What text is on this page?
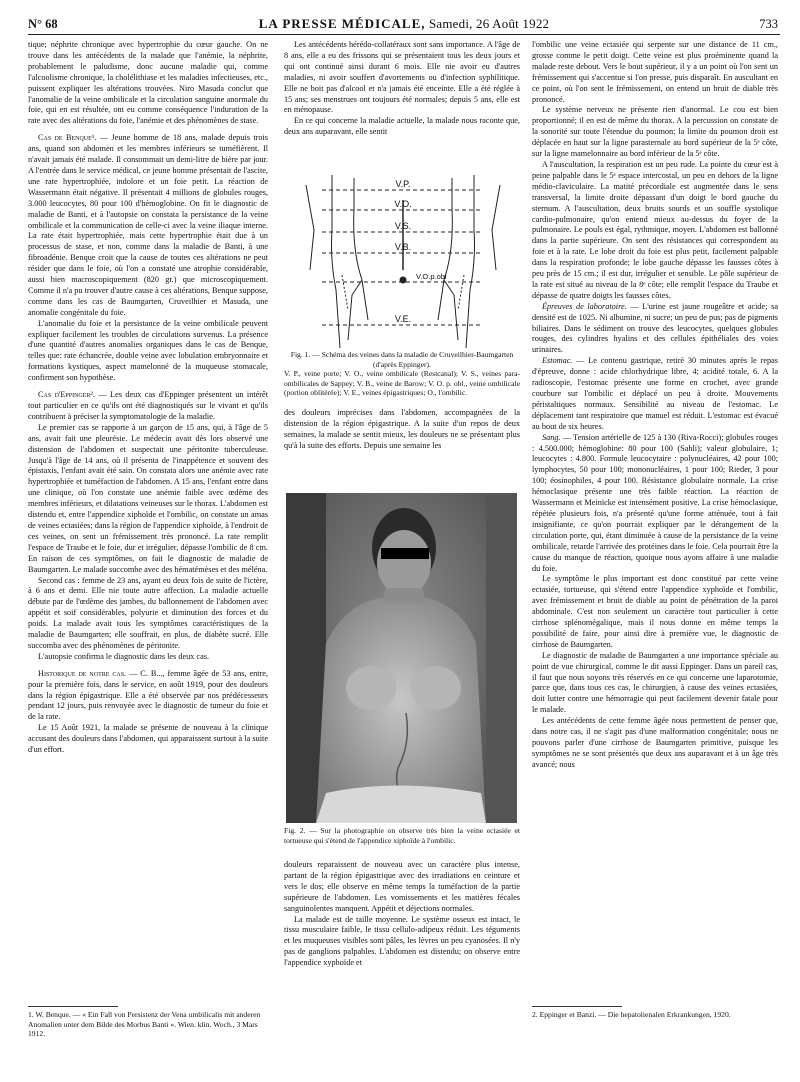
N° 68	LA PRESSE MÉDICALE, Samedi, 26 Août 1922	733

tique; néphrite chronique avec hypertrophie du cœur gauche. On ne trouve dans les antécédents de la malade que l'anémie, la néphrite, probablement le paludisme, donc aucune maladie qui, comme l'alcoolisme chronique, la cholélithiase et les maladies infectieuses, etc., puissent expliquer les altérations trouvées. Niro Masuda conclut que l'anomalie de la veine ombilicale et la circulation sanguine anormale du foie, qui en est résultée, ont eu comme conséquence l'induration de la rate avec des altérations du foie, l'anémie et des phénomènes de stase.

Cas de Benque¹. — Jeune homme de 18 ans, malade depuis trois ans, quand son abdomen et les membres inférieurs se tuméfièrent. Il n'avait jamais été malade. Il consommait un demi-litre de bière par jour. A l'entrée dans le service médical, ce jeune homme présentait de l'ascite, une rate hypertrophiée, indolore et un foie petit. La réaction de Wassermann était négative. Il présentait 4 millions de globules rouges, 3.000 leucocytes, 80 pour 100 d'hémoglobine. On fit le diagnostic de maladie de Banti, et à l'autopsie on constata la persistance de la veine ombilicale et la communication de celle-ci avec la veine iliaque interne. La rate était hypertrophiée, mais cette hypertrophie était due à un processus de stase, et non, comme dans la maladie de Banti, à une fibroadénie. Benque croit que la cause de toutes ces altérations ne peut résider que dans le foie, où l'on a constaté une atrophie considérable, aussi bien macroscopiquement (820 gr.) que microscopiquement. Comme il n'a pu trouver d'autre cause à ces altérations, Benque suppose, comme dans les cas de Baumgarten, Cruveilhier et Masuda, une anomalie congénitale du foie.

L'anomalie du foie et la persistance de la veine ombilicale peuvent expliquer facilement les troubles de circulations survenus. La présence d'une quantité d'autres anomalies organiques dans le cas de Benque, telles que: rate échancrée, double veine avec lobulation embryonnaire et formations kystiques, aspect mamelonné de la muqueuse stomacale, confirment son hypothèse.

Cas d'Eppinger². — Les deux cas d'Eppinger présentent un intérêt tout particulier en ce qu'ils ont été diagnostiqués sur le vivant et qu'ils contribuent à préciser la symptomatologie de la maladie.

Le premier cas se rapporte à un garçon de 15 ans, qui, à l'âge de 5 ans, avait fait une pleurésie. Le médecin avait dès lors observé une distension de l'abdomen et suspectait une péritonite tuberculeuse. Jusqu'à l'âge de 14 ans, où il présenta de l'inappétence et souvent des épistaxis, l'enfant avait été sain. On constata alors une anémie avec rate hypertrophiée et tuméfaction de l'abdomen. A 15 ans, l'enfant entre dans une clinique, où l'on constate une anémie faible avec œdème des membres inférieurs, et dilatations veineuses sur le thorax. L'abdomen est distendu et, entre l'appendice xiphoïde et l'ombilic, on constate un amas de veines ectasiées; dans la région de l'appendice xiphoïde, à l'endroit de ces veines, on sent un frémissement très prononcé. La rate remplit l'espace de Traube et le foie, dur et irrégulier, dépasse l'ombilic de 8 cm. En raison de ces symptômes, on fait le diagnostic de maladie de Baumgarten. Le malade succombe avec des hématémèses et des méléna.

Second cas : femme de 23 ans, ayant eu deux fois de suite de l'ictère, à 6 ans et demi. Elle nie toute autre affection. La maladie actuelle débute par de l'œdème des jambes, du ballonnement de l'abdomen avec appétit et soif considérables, polyurie et diminution des forces et du poids. La malade avait tous les symptômes caractéristiques de la maladie de Baumgarten; elle souffrait, en plus, de diabète sucré. Elle succomba avec des phénomènes de péritonite.

L'autopsie confirma le diagnostic dans les deux cas.

Historique de notre cas. — C. B..., femme âgée de 53 ans, entre, pour la première fois, dans le service, en août 1919, pour des douleurs dans la région épigastrique. Elle a été observée par nos prédécesseurs pendant 12 jours, puis renvoyée avec le diagnostic de tumeur du foie et de la rate.

Le 15 Août 1921, la malade se présente de nouveau à la clinique accusant des douleurs dans l'abdomen, qui apparaissent surtout à la suite d'un effort.

Les antécédents hérédo-collatéraux sont sans importance. A l'âge de 8 ans, elle a eu des frissons qui se présentaient tous les deux jours et qui ont continué ainsi durant 6 mois. Elle nie avoir eu d'autres maladies, ni avoir souffert d'avortements ou d'infection syphilitique. Elle ne boit pas d'alcool et n'a jamais été enceinte. Elle a été réglée à 15 ans; ses menstrues ont toujours été normales; depuis 5 ans, elle est en ménopause.

En ce qui concerne la maladie actuelle, la malade nous raconte que, deux ans auparavant, elle sentit

V.P.
V.O.
V.S.
V.B.
V.O.p.obl
V.E.
Fig. 1. — Schéma des veines dans la maladie de Cruveilhier-Baumgarten (d'après Eppinger).
V. P., veine porte; V. O., veine ombilicale (Restcanal); V. S., veines para-ombilicales de Sappey; V. B., veine de Barow; V. O. p. obl., veine ombilicale (portion oblitérée); V. E., veines épigastriques; O., l'ombilic.

des douleurs imprécises dans l'abdomen, accompagnées de la distension de la région épigastrique. A la suite d'un repos de deux semaines, la malade se sentit mieux, les douleurs ne se présentant plus qu'à la suite des efforts. Depuis une semaine les

Fig. 2. — Sur la photographie on observe très bien la veine ectasiée et tortueuse qui s'étend de l'appendice xiphoïde à l'ombilic.

douleurs reparaissent de nouveau avec un caractère plus intense, partant de la région épigastrique avec des irradiations en ceinture et vers le dos; elle observe en même temps la tuméfaction de la partie supérieure de l'abdomen. Les vomissements et les matières fécales sanguinolentes manquent. Appétit et déjections normales.

La malade est de taille moyenne. Le système osseux est intact, le tissu musculaire faible, le tissu cellulo-adipeux réduit. Les téguments et les muqueuses visibles sont pâles, les lèvres un peu cyanosées. Il n'y pas de ganglions palpables. L'abdomen est distendu; on observe entre l'appendice xyphoïde et

l'ombilic une veine ectasiée qui serpente sur une distance de 11 cm., grosse comme le petit doigt. Cette veine est plus proéminente quand la malade reste debout. Vers le bout supérieur, il y a un point où l'on sent un frémissement qui s'accentue si l'on presse, puis disparaît. En auscultant en ce point, où l'on sent le frémissement, on entend un bruit de diable très prononcé.

Le système nerveux ne présente rien d'anormal. Le cou est bien proportionné; il en est de même du thorax. A la percussion on constate de la sonorité sur toute l'étendue du poumon; la limite du poumon droit est déplacée en haut sur la ligne parasternale au bord supérieur de la 5ᵉ côte, sur la ligne mamelonnaire au bord inférieur de la 5ᵉ côte.

A l'auscultation, la respiration est un peu rude. La pointe du cœur est à peine palpable dans le 5ᵉ espace intercostal, un peu en dehors de la ligne médio-claviculaire. La matité précordiale est augmentée dans le sens transversal, la limite droite dépassant d'un doigt le bord gauche du sternum. A l'auscultation, deux bruits sourds et un souffle systolique cardio-pulmonaire, qu'on entend mieux au-dessus du foyer de la pulmonaire. Le pouls est égal, rythmique, moyen. L'abdomen est ballonné dans la partie supérieure. On sent des résistances qui correspondent au foie et à la rate. Le lobe droit du foie est plus petit, facilement palpable dans la respiration profonde; le lobe gauche dépasse les fausses côtes à peu près de 15 cm.; il est dur, irrégulier et sensible. Le pôle supérieur de la rate est situé au niveau de la 8ᵉ côte; elle remplit l'espace du Traube et dépasse de quatre doigts les fausses côtes.

Épreuves de laboratoire. — L'urine est jaune rougeâtre et acide; sa densité est de 1025. Ni albumine, ni sucre; un peu de pus; pas de pigments biliaires. Dans le sédiment on trouve des leucocytes, quelques globules rouges, des cylindres hyalins et des cellules épithéliales des voies urinaires.

Estomac. — Le contenu gastrique, retiré 30 minutes après le repas d'épreuve, donne : acide chlorhydrique libre, 4; acidité totale, 6. A la radioscopie, l'estomac présente une forme en crochet, avec grande courbure sur l'ombilic et déplacé un peu à droite. Mouvements péristaltiques normaux. Sensibilité au niveau de l'estomac. Le déplacement tant respiratoire que manuel est réduit. L'estomac est évacué au bout de six heures.

Sang. — Tension artérielle de 125 à 130 (Riva-Rocci); globules rouges : 4.500.000; hémoglobine: 80 pour 100 (Sahli); valeur globulaire, 1; leucocytes : 4.800. Formule leucocytaire : polynucléaires, 42 pour 100; lymphocytes, 50 pour 100; mononucléaires, 1 pour 100; Rieder, 3 pour 100; éosinophiles, 4 pour 100. Résistance globulaire normale. La crise hémoclasique présente une très faible réaction. La réaction de Wassermann et Meinicke est intensément positive. La crise hémoclasique, répétée plusieurs fois, n'a présenté qu'une forme atténuée, tout à fait insignifiante, ce qu'on pourrait expliquer par le dérangement de la circulation porte, qui, étant diminuée à cause de la persistance de la veine ombilicale, retarde l'arrivée des protéines dans le foie. Cela pourrait être la cause du manque de réaction, quoique nous ayons affaire à une maladie du foie.

Le symptôme le plus important est donc constitué par cette veine ectasiée, tortueuse, qui s'étend entre l'appendice xyphoïde et l'ombilic, avec frémissement et bruit de diable au point de pénétration de la paroi abdominale. C'est non seulement un caractère tout particulier à cette cirrhose splénomégalique, mais il nous donne en même temps la possibilité de faire, pour ainsi dire à première vue, le diagnostic de cirrhose de Baumgarten.

Le diagnostic de maladie de Baumgarten a une importance spéciale au point de vue chirurgical, comme le dit aussi Eppinger. Dans un pareil cas, il faut que nous soyons très réservés en ce qui concerne une laparotomie, parce que, dans tous ces cas, le chirurgien, à cause des veines ectasiées, doit lutter contre une hémorragie qui peut facilement devenir fatale pour le malade.

Les antécédents de cette femme âgée nous permettent de penser que, dans notre cas, il ne s'agit pas d'une malformation congénitale; nous ne pouvons parler d'une cirrhose de Baumgarten primitive, puisque les symptômes ne se sont présentés que deux ans auparavant et à un âge très avancé; nous

1. W. Benque. — « Ein Fall von Persistenz der Vena umbilicalis mit anderen Anomalien unter dem Bilde des Morbus Banti ». Wien. klin. Woch., 3 Mars 1912.
2. Eppinger et Banzi. — Die hepatolienalen Erkrankungen, 1920.
